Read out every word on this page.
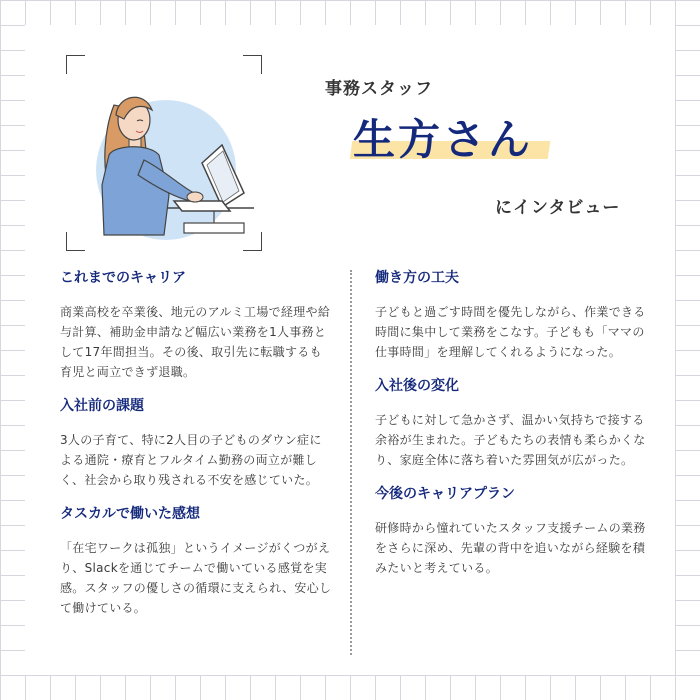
事務スタッフ
生方さん
にインタビュー

これまでのキャリア

商業高校を卒業後、地元のアルミ工場で経理や給与計算、補助金申請など幅広い業務を1人事務として17年間担当。その後、取引先に転職するも育児と両立できず退職。

入社前の課題

3人の子育て、特に2人目の子どものダウン症による通院・療育とフルタイム勤務の両立が難しく、社会から取り残される不安を感じていた。

タスカルで働いた感想

「在宅ワークは孤独」というイメージがくつがえり、Slackを通じてチームで働いている感覚を実感。スタッフの優しさの循環に支えられ、安心して働けている。

働き方の工夫

子どもと過ごす時間を優先しながら、作業できる時間に集中して業務をこなす。子どもも「ママの仕事時間」を理解してくれるようになった。

入社後の変化

子どもに対して急かさず、温かい気持ちで接する余裕が生まれた。子どもたちの表情も柔らかくなり、家庭全体に落ち着いた雰囲気が広がった。

今後のキャリアプラン

研修時から憧れていたスタッフ支援チームの業務をさらに深め、先輩の背中を追いながら経験を積みたいと考えている。
